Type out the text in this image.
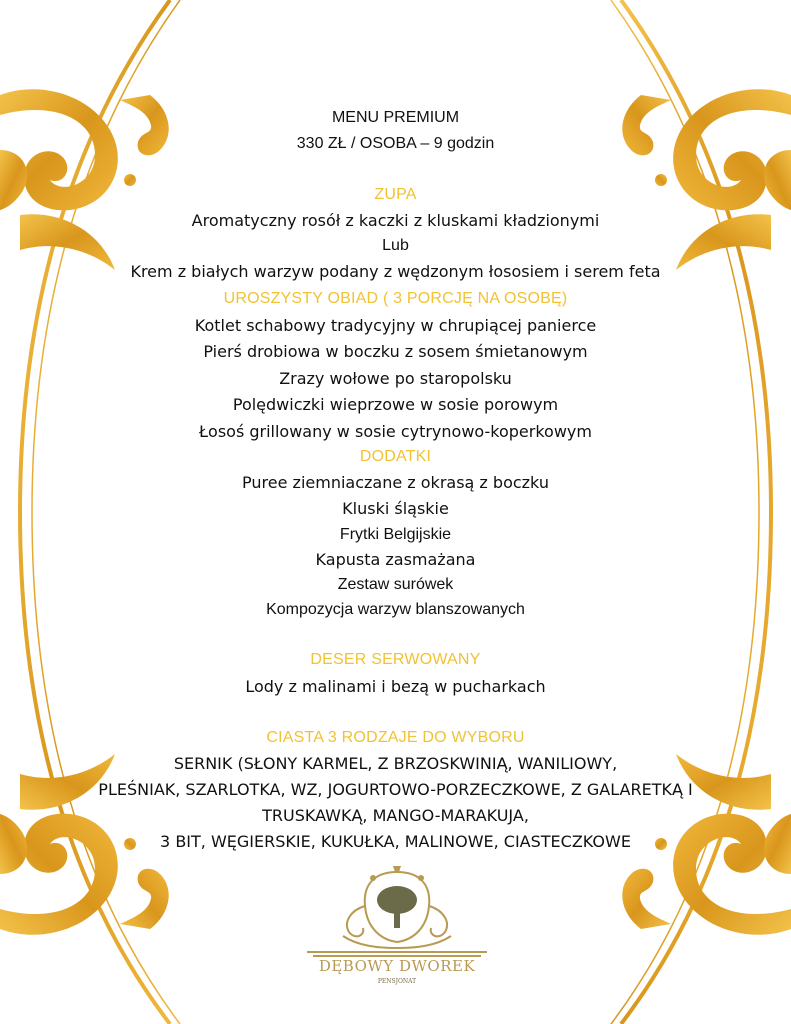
MENU PREMIUM
330 ZŁ / OSOBA – 9 godzin
ZUPA
Aromatyczny rosół z kaczki z kluskami kładzionymi
Lub
Krem z białych warzyw podany z wędzonym łososiem i serem feta
UROSZYSTY OBIAD ( 3 PORCJĘ NA OSOBĘ)
Kotlet schabowy tradycyjny w chrupiącej panierce
Pierś drobiowa w boczku z sosem śmietanowym
Zrazy wołowe po staropolsku
Polędwiczki wieprzowe w sosie porowym
Łosoś grillowany w sosie cytrynowo-koperkowym
DODATKI
Puree ziemniaczane z okrasą z boczku
Kluski śląskie
Frytki Belgijskie
Kapusta zasmażana
Zestaw surówek
Kompozycja warzyw blanszowanych
DESER SERWOWANY
Lody z malinami i bezą w pucharkach
CIASTA 3 RODZAJE DO WYBORU
SERNIK (SŁONY KARMEL, Z BRZOSKWINIĄ, WANILIOWY,
PLEŚNIAK, SZARLOTKA, WZ, JOGURTOWO-PORZECZKOWE, Z GALARETKĄ I
TRUSKAWKĄ, MANGO-MARAKUJA,
3 BIT, WĘGIERSKIE, KUKUŁKA, MALINOWE, CIASTECZKOWE
DĘBOWY DWOREK
PENSJONAT
